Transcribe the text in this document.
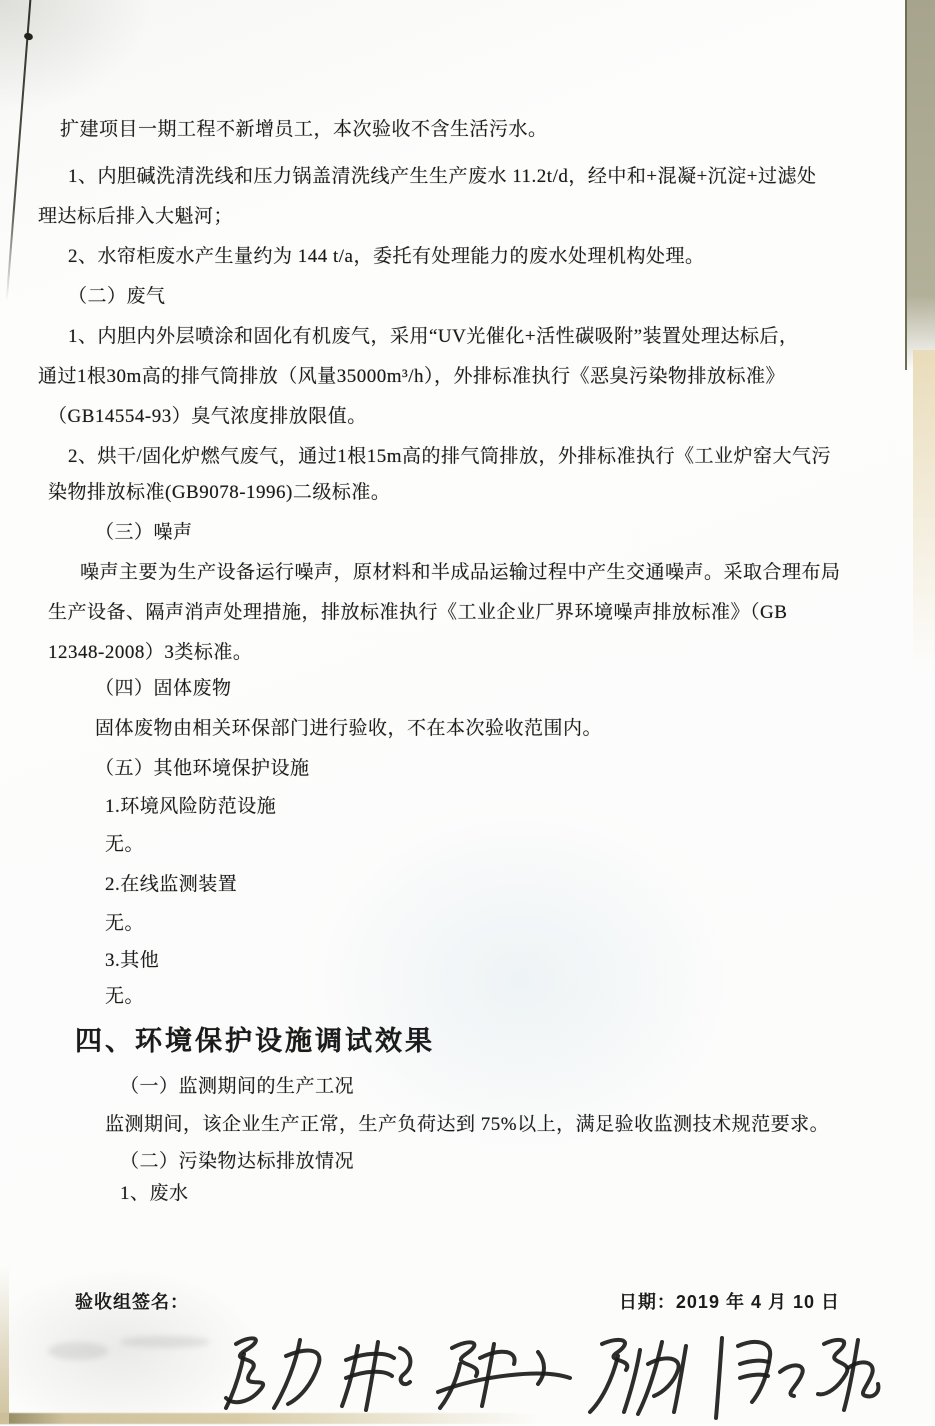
扩建项目一期工程不新增员工，本次验收不含生活污水。
1、内胆碱洗清洗线和压力锅盖清洗线产生生产废水 11.2t/d，经中和+混凝+沉淀+过滤处
理达标后排入大魁河；
2、水帘柜废水产生量约为 144 t/a，委托有处理能力的废水处理机构处理。
（二）废气
1、内胆内外层喷涂和固化有机废气，采用“UV光催化+活性碳吸附”装置处理达标后，
通过1根30m高的排气筒排放（风量35000m³/h），外排标准执行《恶臭污染物排放标准》
（GB14554-93）臭气浓度排放限值。
2、烘干/固化炉燃气废气，通过1根15m高的排气筒排放，外排标准执行《工业炉窑大气污
染物排放标准(GB9078-1996)二级标准。
（三）噪声
噪声主要为生产设备运行噪声，原材料和半成品运输过程中产生交通噪声。采取合理布局
生产设备、隔声消声处理措施，排放标准执行《工业企业厂界环境噪声排放标准》（GB
12348-2008）3类标准。
（四）固体废物
固体废物由相关环保部门进行验收，不在本次验收范围内。
（五）其他环境保护设施
1.环境风险防范设施
无。
2.在线监测装置
无。
3.其他
无。
四、环境保护设施调试效果
（一）监测期间的生产工况
监测期间，该企业生产正常，生产负荷达到 75%以上，满足验收监测技术规范要求。
（二）污染物达标排放情况
1、废水
验收组签名：	日期：2019 年 4 月 10 日
